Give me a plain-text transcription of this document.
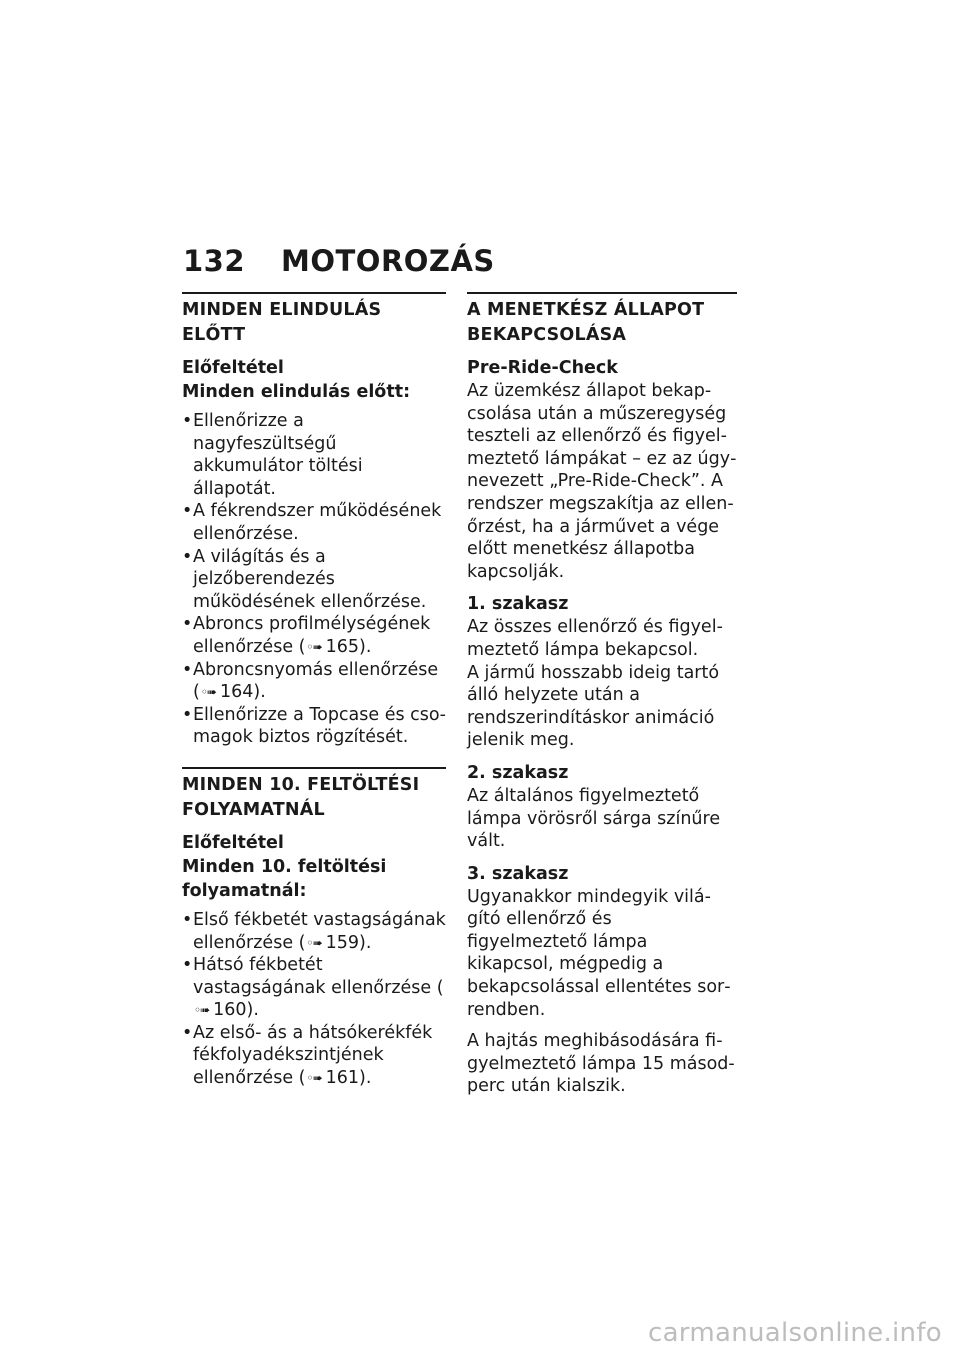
132 MOTOROZÁS
MINDEN ELINDULÁS ELŐTT

Előfeltétel

Minden elindulás előtt:

• Ellenőrizze a nagyfeszültségű akkumulátor töltési állapotát.
• A fékrendszer működésének ellenőrzése.
• A világítás és a jelzőberendezés működésének ellenőrzése.
• Abroncs profilmélységének ellenőrzése (◦➠ 165).
• Abroncsnyomás ellenőrzése (◦➠ 164).
• Ellenőrizze a Topcase és csomagok biztos rögzítését.
MINDEN 10. FELTÖLTÉSI FOLYAMATNÁL

Előfeltétel

Minden 10. feltöltési folyamatnál:

• Első fékbetét vastagságának ellenőrzése (◦➠ 159).
• Hátsó fékbetét vastagságának ellenőrzése (◦➠ 160).
• Az első- ás a hátsókerékfék fékfolyadékszintjének ellenőrzése (◦➠ 161).
A MENETKÉSZ ÁLLAPOT BEKAPCSOLÁSA

Pre-Ride-Check

Az üzemkész állapot bekapcsolása után a műszeregység teszteli az ellenőrző és figyelmeztető lámpákat – ez az úgynevezett „Pre-Ride-Check”. A rendszer megszakítja az ellenőrzést, ha a járművet a vége előtt menetkész állapotba kapcsolják.

1. szakasz

Az összes ellenőrző és figyelmeztető lámpa bekapcsol.

A jármű hosszabb ideig tartó álló helyzete után a rendszerindításkor animáció jelenik meg.

2. szakasz

Az általános figyelmeztető lámpa vörösről sárga színűre vált.

3. szakasz

Ugyanakkor mindegyik világító ellenőrző és figyelmeztető lámpa kikapcsol, mégpedig a bekapcsolással ellentétes sorrendben.

A hajtás meghibásodására figyelmeztető lámpa 15 másodperc után kialszik.

carmanualsonline.info
